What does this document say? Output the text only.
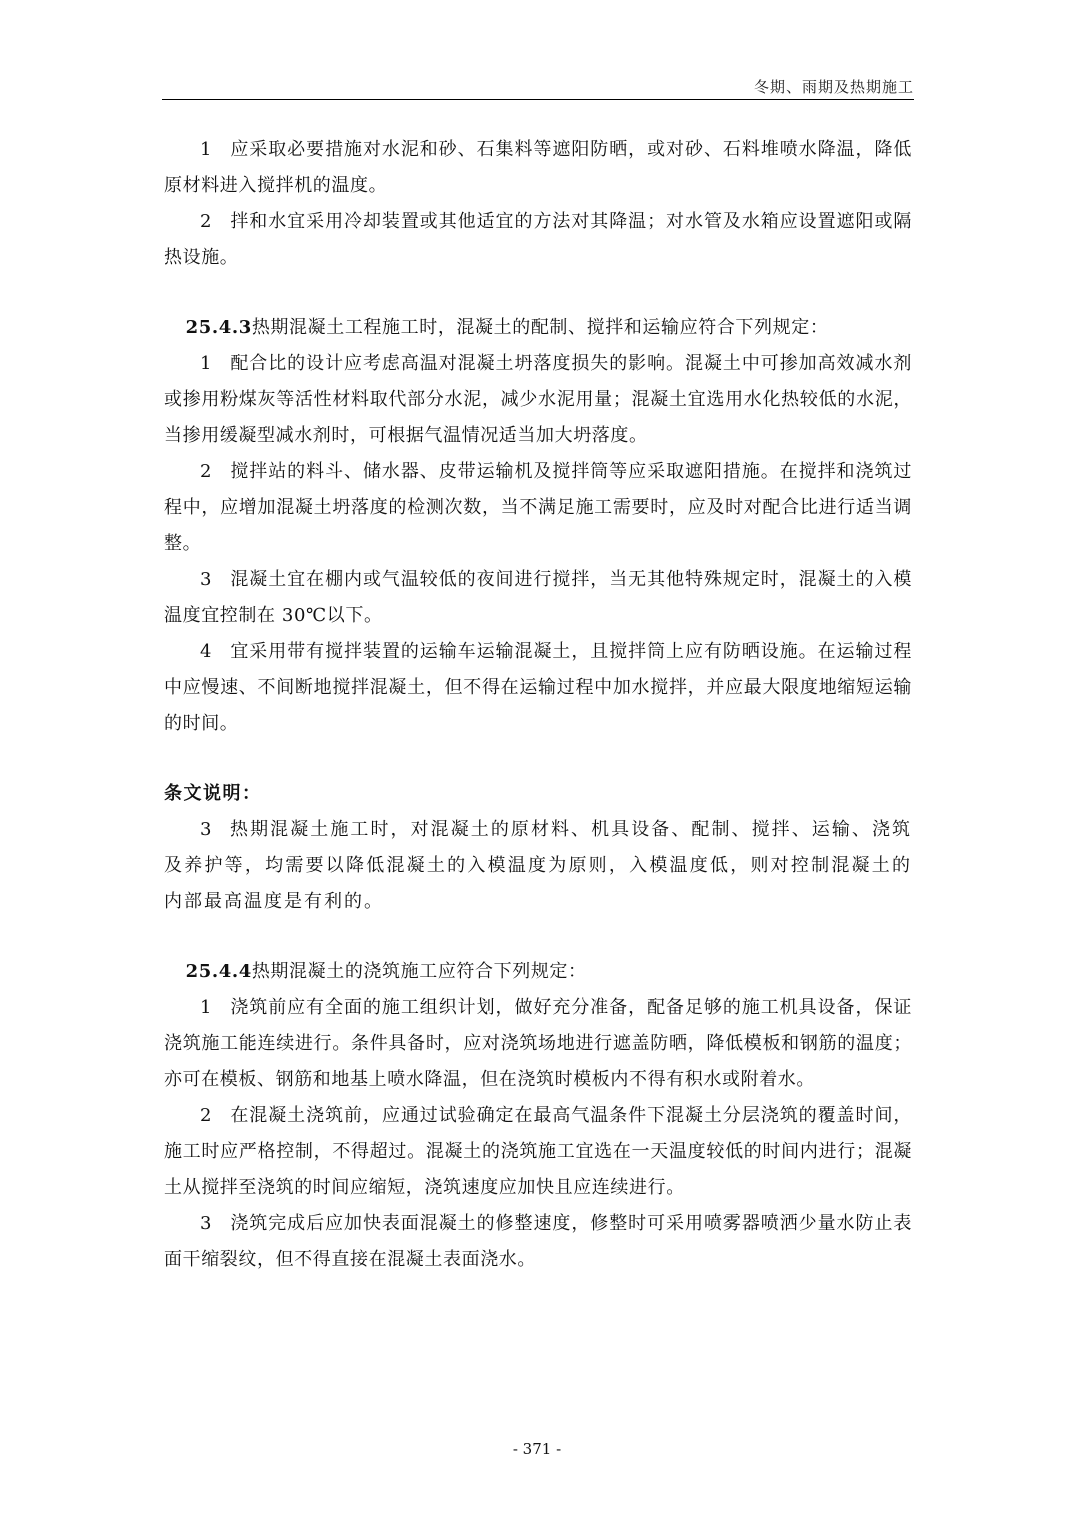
冬期、雨期及热期施工

1 应采取必要措施对水泥和砂、石集料等遮阳防晒，或对砂、石料堆喷水降温，降低原材料进入搅拌机的温度。

2 拌和水宜采用冷却装置或其他适宜的方法对其降温；对水管及水箱应设置遮阳或隔热设施。

25.4.3热期混凝土工程施工时，混凝土的配制、搅拌和运输应符合下列规定：

1 配合比的设计应考虑高温对混凝土坍落度损失的影响。混凝土中可掺加高效减水剂或掺用粉煤灰等活性材料取代部分水泥，减少水泥用量；混凝土宜选用水化热较低的水泥，当掺用缓凝型减水剂时，可根据气温情况适当加大坍落度。

2 搅拌站的料斗、储水器、皮带运输机及搅拌筒等应采取遮阳措施。在搅拌和浇筑过程中，应增加混凝土坍落度的检测次数，当不满足施工需要时，应及时对配合比进行适当调整。

3 混凝土宜在棚内或气温较低的夜间进行搅拌，当无其他特殊规定时，混凝土的入模温度宜控制在 30℃以下。

4 宜采用带有搅拌装置的运输车运输混凝土，且搅拌筒上应有防晒设施。在运输过程中应慢速、不间断地搅拌混凝土，但不得在运输过程中加水搅拌，并应最大限度地缩短运输的时间。

条文说明：

3 热期混凝土施工时，对混凝土的原材料、机具设备、配制、搅拌、运输、浇筑及养护等，均需要以降低混凝土的入模温度为原则，入模温度低，则对控制混凝土的内部最高温度是有利的。

25.4.4热期混凝土的浇筑施工应符合下列规定：

1 浇筑前应有全面的施工组织计划，做好充分准备，配备足够的施工机具设备，保证浇筑施工能连续进行。条件具备时，应对浇筑场地进行遮盖防晒，降低模板和钢筋的温度；亦可在模板、钢筋和地基上喷水降温，但在浇筑时模板内不得有积水或附着水。

2 在混凝土浇筑前，应通过试验确定在最高气温条件下混凝土分层浇筑的覆盖时间，施工时应严格控制，不得超过。混凝土的浇筑施工宜选在一天温度较低的时间内进行；混凝土从搅拌至浇筑的时间应缩短，浇筑速度应加快且应连续进行。

3 浇筑完成后应加快表面混凝土的修整速度，修整时可采用喷雾器喷洒少量水防止表面干缩裂纹，但不得直接在混凝土表面浇水。

- 371 -
